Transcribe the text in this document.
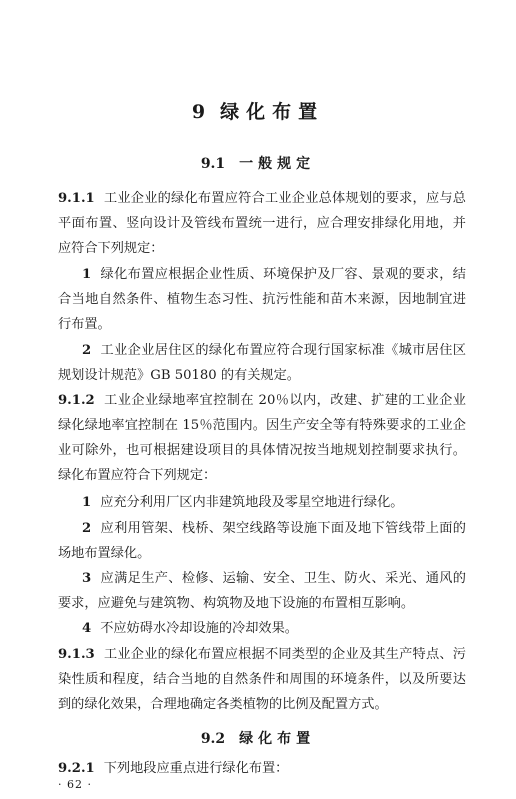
9 绿化布置
9.1 一般规定
9.1.1 工业企业的绿化布置应符合工业企业总体规划的要求，应与总平面布置、竖向设计及管线布置统一进行，应合理安排绿化用地，并应符合下列规定：
1 绿化布置应根据企业性质、环境保护及厂容、景观的要求，结合当地自然条件、植物生态习性、抗污性能和苗木来源，因地制宜进行布置。
2 工业企业居住区的绿化布置应符合现行国家标准《城市居住区规划设计规范》GB 50180 的有关规定。
9.1.2 工业企业绿地率宜控制在 20％以内，改建、扩建的工业企业绿化绿地率宜控制在 15％范围内。因生产安全等有特殊要求的工业企业可除外，也可根据建设项目的具体情况按当地规划控制要求执行。绿化布置应符合下列规定：
1 应充分利用厂区内非建筑地段及零星空地进行绿化。
2 应利用管架、栈桥、架空线路等设施下面及地下管线带上面的场地布置绿化。
3 应满足生产、检修、运输、安全、卫生、防火、采光、通风的要求，应避免与建筑物、构筑物及地下设施的布置相互影响。
4 不应妨碍水冷却设施的冷却效果。
9.1.3 工业企业的绿化布置应根据不同类型的企业及其生产特点、污染性质和程度，结合当地的自然条件和周围的环境条件，以及所要达到的绿化效果，合理地确定各类植物的比例及配置方式。
9.2 绿化布置
9.2.1 下列地段应重点进行绿化布置：
· 62 ·
